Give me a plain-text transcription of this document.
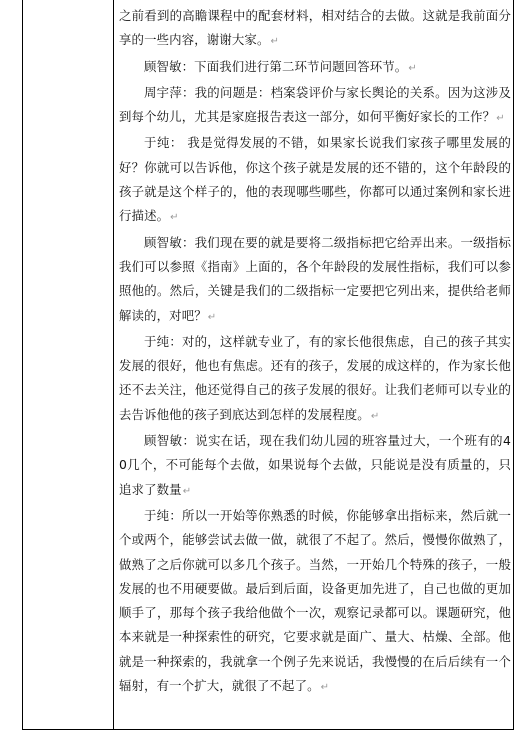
之前看到的高瞻课程中的配套材料，相对结合的去做。这就是我前面分享的一些内容，谢谢大家。↵

顾智敏：下面我们进行第二环节问题回答环节。↵

周宇萍：我的问题是：档案袋评价与家长舆论的关系。因为这涉及到每个幼儿，尤其是家庭报告表这一部分，如何平衡好家长的工作？↵

于纯： 我是觉得发展的不错，如果家长说我们家孩子哪里发展的好？你就可以告诉他，你这个孩子就是发展的还不错的，这个年龄段的孩子就是这个样子的，他的表现哪些哪些，你都可以通过案例和家长进行描述。↵

顾智敏：我们现在要的就是要将二级指标把它给弄出来。一级指标我们可以参照《指南》上面的，各个年龄段的发展性指标，我们可以参照他的。然后，关键是我们的二级指标一定要把它列出来，提供给老师解读的，对吧？↵

于纯：对的，这样就专业了，有的家长他很焦虑，自己的孩子其实发展的很好，他也有焦虑。还有的孩子，发展的成这样的，作为家长他还不去关注，他还觉得自己的孩子发展的很好。让我们老师可以专业的去告诉他他的孩子到底达到怎样的发展程度。↵

顾智敏：说实在话，现在我们幼儿园的班容量过大，一个班有的40几个，不可能每个去做，如果说每个去做，只能说是没有质量的，只追求了数量↵

于纯：所以一开始等你熟悉的时候，你能够拿出指标来，然后就一个或两个，能够尝试去做一做，就很了不起了。然后，慢慢你做熟了，做熟了之后你就可以多几个孩子。当然，一开始几个特殊的孩子，一般发展的也不用硬要做。最后到后面，设备更加先进了，自己也做的更加顺手了，那每个孩子我给他做个一次，观察记录都可以。课题研究，他本来就是一种探索性的研究，它要求就是面广、量大、枯燥、全部。他就是一种探索的，我就拿一个例子先来说话，我慢慢的在后后续有一个辐射，有一个扩大，就很了不起了。↵
